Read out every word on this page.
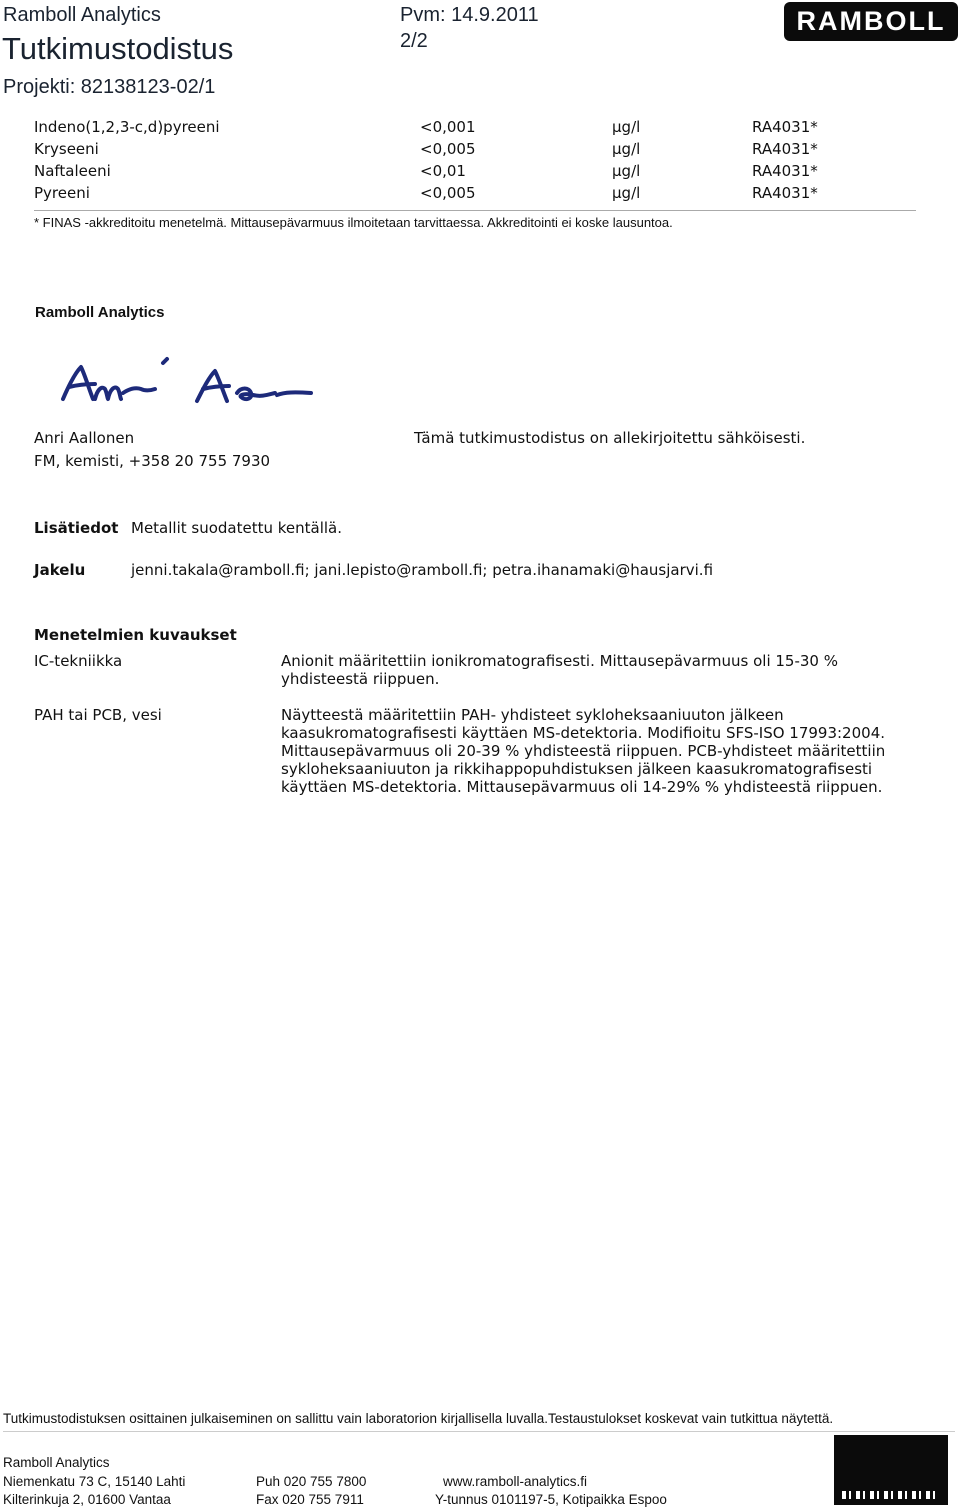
Ramboll Analytics	Pvm: 14.9.2011
Tutkimustodistus	2/2
Projekti: 82138123-02/1
RAMBOLL
Indeno(1,2,3-c,d)pyreeni	<0,001	µg/l	RA4031*
Kryseeni	<0,005	µg/l	RA4031*
Naftaleeni	<0,01	µg/l	RA4031*
Pyreeni	<0,005	µg/l	RA4031*
* FINAS -akkreditoitu menetelmä. Mittausepävarmuus ilmoitetaan tarvittaessa. Akkreditointi ei koske lausuntoa.
Ramboll Analytics
Anri Aallonen
FM, kemisti, +358 20 755 7930
Tämä tutkimustodistus on allekirjoitettu sähköisesti.
Lisätiedot Metallit suodatettu kentällä.
Jakelu	jenni.takala@ramboll.fi; jani.lepisto@ramboll.fi; petra.ihanamaki@hausjarvi.fi
Menetelmien kuvaukset
IC-tekniikka	Anionit määritettiin ionikromatografisesti. Mittausepävarmuus oli 15-30 %
yhdisteestä riippuen.
PAH tai PCB, vesi	Näytteestä määritettiin PAH- yhdisteet sykloheksaaniuuton jälkeen
kaasukromatografisesti käyttäen MS-detektoria. Modifioitu SFS-ISO 17993:2004.
Mittausepävarmuus oli 20-39 % yhdisteestä riippuen. PCB-yhdisteet määritettiin
sykloheksaaniuuton ja rikkihappopuhdistuksen jälkeen kaasukromatografisesti
käyttäen MS-detektoria. Mittausepävarmuus oli 14-29% % yhdisteestä riippuen.
Tutkimustodistuksen osittainen julkaiseminen on sallittu vain laboratorion kirjallisella luvalla.Testaustulokset koskevat vain tutkittua näytettä.
Ramboll Analytics
Niemenkatu 73 C, 15140 Lahti
Kilterinkuja 2, 01600 Vantaa
Puh 020 755 7800
Fax 020 755 7911
www.ramboll-analytics.fi
Y-tunnus 0101197-5, Kotipaikka Espoo
